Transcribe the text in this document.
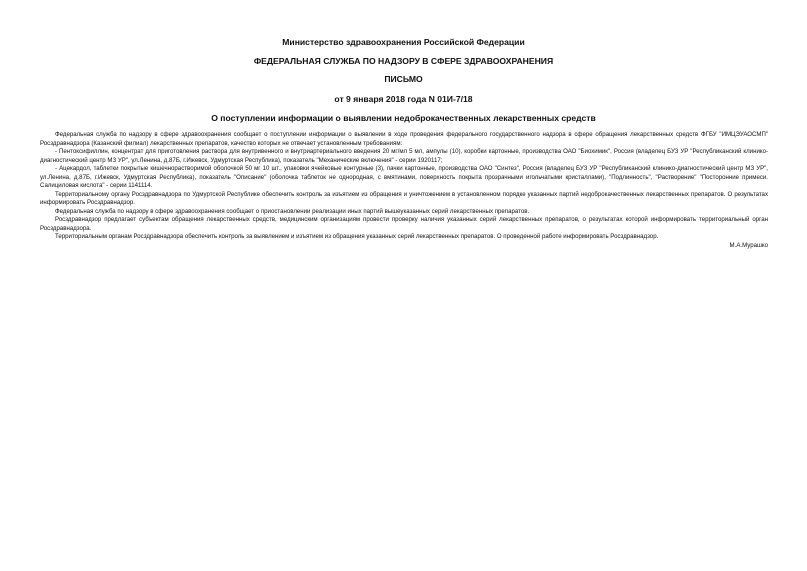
Министерство здравоохранения Российской Федерации
ФЕДЕРАЛЬНАЯ СЛУЖБА ПО НАДЗОРУ В СФЕРЕ ЗДРАВООХРАНЕНИЯ
ПИСЬМО
от 9 января 2018 года N 01И-7/18
О поступлении информации о выявлении недоброкачественных лекарственных средств

Федеральная служба по надзору в сфере здравоохранения сообщает о поступлении информации о выявлении в ходе проведения федерального государственного надзора в сфере обращения лекарственных средств ФГБУ "ИМЦЭУАОСМП" Росздравнадзора (Казанский филиал) лекарственных препаратов, качество которых не отвечает установленным требованиям:

- Пентоксифиллин, концентрат для приготовления раствора для внутривенного и внутриартериального введения 20 мг/мл 5 мл, ампулы (10), коробки картонные, производства ОАО "Биохимик", Россия (владелец БУЗ УР "Республиканский клинико-диагностический центр МЗ УР", ул.Ленина, д.87Б, г.Ижевск, Удмуртская Республика), показатель "Механические включения" - серии 1920117;

- Ацекардол, таблетки покрытые кишечнорастворимой оболочкой 50 мг 10 шт., упаковки ячейковые контурные (3), пачки картонные, производства ОАО "Синтез", Россия (владелец БУЗ УР "Республиканский клинико-диагностический центр МЗ УР", ул.Ленина, д.87Б, г.Ижевск, Удмуртская Республика), показатель "Описание" (оболочка таблеток не однородная, с вмятинами, поверхность покрыта прозрачными игольчатыми кристаллами), "Подлинность", "Растворение" "Посторонние примеси. Салициловая кислота" - серии 1141114.

Территориальному органу Росздравнадзора по Удмуртской Республике обеспечить контроль за изъятием из обращения и уничтожением в установленном порядке указанных партий недоброкачественных лекарственных препаратов. О результатах информировать Росздравнадзор.

Федеральная служба по надзору в сфере здравоохранения сообщает о приостановлении реализации иных партий вышеуказанных серий лекарственных препаратов.

Росздравнадзор предлагает субъектам обращения лекарственных средств, медицинским организациям провести проверку наличия указанных серий лекарственных препаратов, о результатах которой информировать территориальный орган Росздравнадзора.

Территориальным органам Росздравнадзора обеспечить контроль за выявлением и изъятием из обращения указанных серий лекарственных препаратов. О проведенной работе информировать Росздравнадзор.

М.А.Мурашко
